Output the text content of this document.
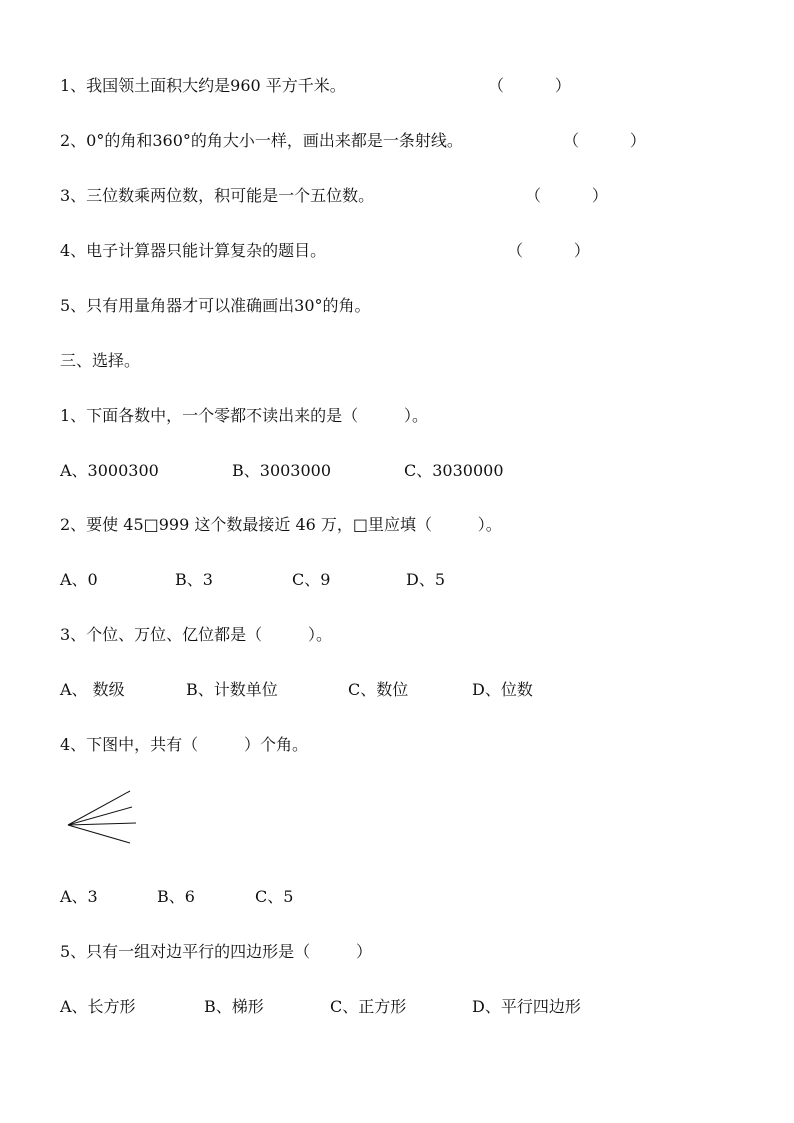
1、我国领土面积大约是960 平方千米。	（          ）
2、0°的角和360°的角大小一样，画出来都是一条射线。	（          ）
3、三位数乘两位数，积可能是一个五位数。	（          ）
4、电子计算器只能计算复杂的题目。	（          ）
5、只有用量角器才可以准确画出30°的角。
三、选择。
1、下面各数中，一个零都不读出来的是（         ）。
A、3000300	B、3003000	C、3030000
2、要使 45□999 这个数最接近 46 万，□里应填（         ）。
A、0	B、3	C、9	D、5
3、个位、万位、亿位都是（         ）。
A、 数级	B、计数单位	C、数位	D、位数
4、下图中，共有（         ）个角。
A、3	B、6	C、5
5、只有一组对边平行的四边形是（         ）
A、长方形	B、梯形	C、正方形	D、平行四边形
